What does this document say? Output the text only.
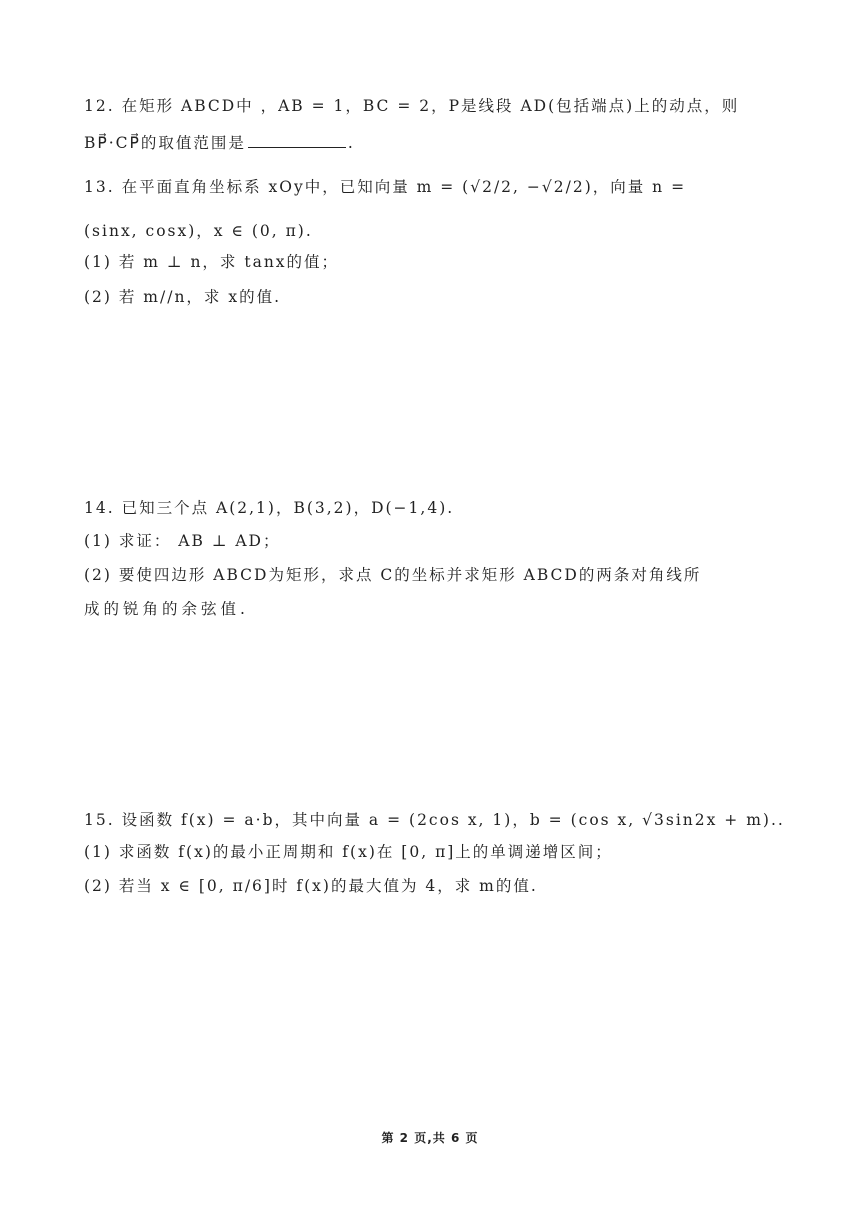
12. 在矩形 ABCD中 ，AB = 1，BC = 2，P是线段 AD(包括端点)上的动点，则
BP⃗·CP⃗的取值范围是	.
13. 在平面直角坐标系 xOy中，已知向量 m = (√2/2, −√2/2)，向量 n =
(sinx, cosx)，x ∈ (0, π).
(1) 若 m ⊥ n，求 tanx的值；
(2) 若 m//n，求 x的值.
14. 已知三个点 A(2,1)，B(3,2)，D(−1,4).
(1) 求证： AB ⊥ AD；
(2) 要使四边形 ABCD为矩形，求点 C的坐标并求矩形 ABCD的两条对角线所
成的锐角的余弦值.
15. 设函数 f(x) = a·b，其中向量 a = (2cos x, 1)，b = (cos x, √3sin2x + m)..
(1) 求函数 f(x)的最小正周期和 f(x)在 [0, π]上的单调递增区间；
(2) 若当 x ∈ [0, π/6]时 f(x)的最大值为 4，求 m的值.
第 2 页,共 6 页
